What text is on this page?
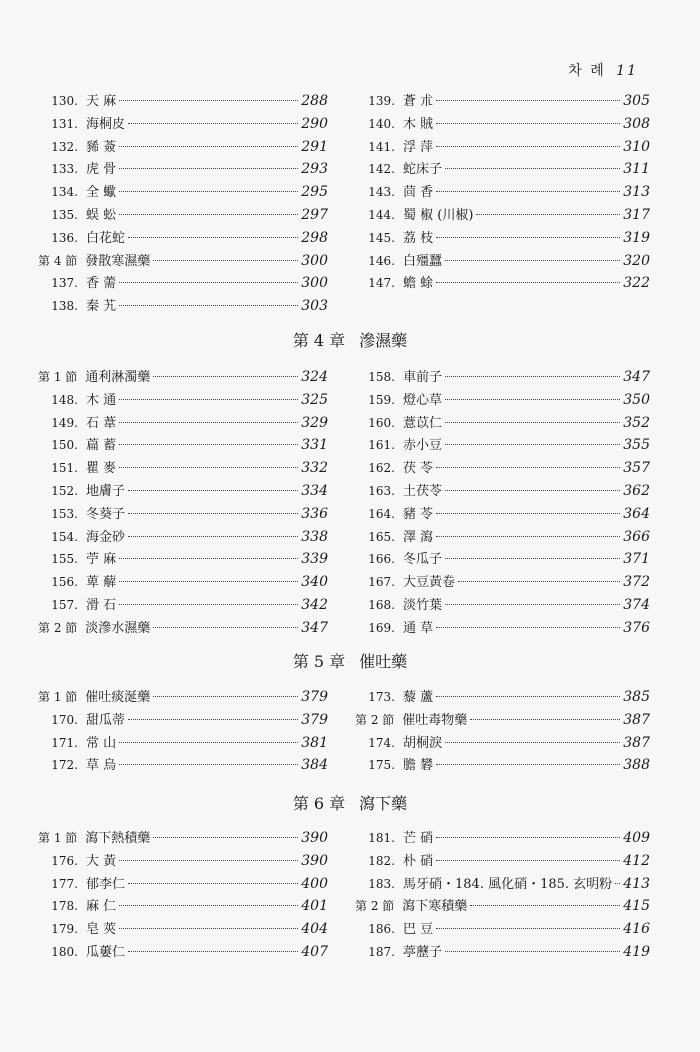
차 례 11
130. 天 麻	288
131. 海桐皮	290
132. 豨 薟	291
133. 虎 骨	293
134. 全 蠍	295
135. 蜈 蚣	297
136. 白花蛇	298
第 4 節 發散寒濕藥	300
137. 香 薷	300
138. 秦 艽	303
139. 蒼 朮	305
140. 木 賊	308
141. 浮 萍	310
142. 蛇床子	311
143. 茴 香	313
144. 蜀 椒 (川椒)	317
145. 荔 枝	319
146. 白殭蠶	320
147. 蟾 蜍	322
第 4 章 滲濕藥
第 1 節 通利淋濁藥	324
148. 木 通	325
149. 石 葦	329
150. 萹 蓄	331
151. 瞿 麥	332
152. 地膚子	334
153. 冬葵子	336
154. 海金砂	338
155. 苧 麻	339
156. 萆 薢	340
157. 滑 石	342
第 2 節 淡滲水濕藥	347
158. 車前子	347
159. 燈心草	350
160. 薏苡仁	352
161. 赤小豆	355
162. 茯 苓	357
163. 土茯苓	362
164. 豬 苓	364
165. 澤 瀉	366
166. 冬瓜子	371
167. 大豆黃卷	372
168. 淡竹葉	374
169. 通 草	376
第 5 章 催吐藥
第 1 節 催吐痰涎藥	379
170. 甜瓜蒂	379
171. 常 山	381
172. 草 烏	384
173. 藜 蘆	385
第 2 節 催吐毒物藥	387
174. 胡桐淚	387
175. 膽 礬	388
第 6 章 瀉下藥
第 1 節 瀉下熱積藥	390
176. 大 黃	390
177. 郁李仁	400
178. 麻 仁	401
179. 皂 莢	404
180. 瓜蔞仁	407
181. 芒 硝	409
182. 朴 硝	412
183. 馬牙硝・184. 風化硝・185. 玄明粉 413
第 2 節 瀉下寒積藥	415
186. 巴 豆	416
187. 葶藶子	419
